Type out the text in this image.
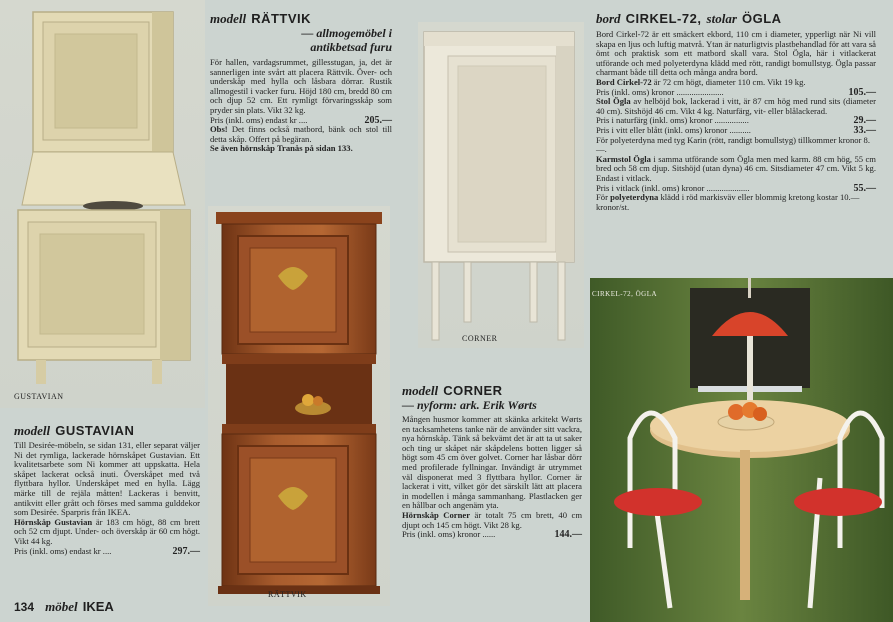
GUSTAVIAN
modell RÄTTVIK
— allmogemöbel i
antikbetsad furu
För hallen, vardagsrummet, gillesstugan, ja, det är sannerligen inte svårt att placera Rättvik. Över- och underskåp med hylla och låsbara dörrar. Rustik allmogestil i vacker furu. Höjd 180 cm, bredd 80 cm och djup 52 cm. Ett rymligt förvaringsskåp som pryder sin plats. Vikt 32 kg.
Pris (inkl. oms) endast kr ....	205.—
Obs! Det finns också matbord, bänk och stol till detta skåp. Offert på begäran.
Se även hörnskåp Tranås på sidan 133.
CORNER
bord CIRKEL-72, stolar ÖGLA
Bord Cirkel-72 är ett smäckert ekbord, 110 cm i diameter, ypperligt när Ni vill skapa en ljus och luftig matvrå. Ytan är naturligtvis plastbehandlad för att vara så ömt och praktisk som ett matbord skall vara. Stol Ögla, här i vitlackerat utförande och med polyeterdyna klädd med rött, randigt bomullstyg. Ögla passar charmant både till detta och många andra bord.
Bord Cirkel-72 är 72 cm högt, diameter 110 cm. Vikt 19 kg.
Pris (inkl. oms) kronor ......................	105.—
Stol Ögla av helböjd bok, lackerad i vitt, är 87 cm hög med rund sits (diameter 40 cm). Sitshöjd 46 cm. Vikt 4 kg. Naturfärg, vit- eller blålackerad.
Pris i naturfärg (inkl. oms) kronor ................	29.—
Pris i vitt eller blått (inkl. oms) kronor ..........	33.—
För polyeterdyna med tyg Karin (rött, randigt bomullstyg) tillkommer kronor 8.—.
Karmstol Ögla i samma utförande som Ögla men med karm. 88 cm hög, 55 cm bred och 58 cm djup. Sitshöjd (utan dyna) 46 cm. Sitsdiameter 47 cm. Vikt 5 kg. Endast i vitlack.
Pris i vitlack (inkl. oms) kronor ....................	55.—
För polyeterdyna klädd i röd markisväv eller blommig kretong kostar 10.— kronor/st.
modell GUSTAVIAN
Till Desirée-möbeln, se sidan 131, eller separat väljer Ni det rymliga, lackerade hörnskåpet Gustavian. Ett kvalitetsarbete som Ni kommer att uppskatta. Hela skåpet lackerat också inuti. Överskåpet med två flyttbara hyllor. Underskåpet med en hylla. Lägg märke till de rejäla måtten! Lackeras i benvitt, antikvitt eller grått och förses med samma gulddekor som Desirée. Sparpris från IKEA.
Hörnskåp Gustavian är 183 cm högt, 88 cm brett och 52 cm djupt. Under- och överskåp är 60 cm högt. Vikt 44 kg.
Pris (inkl. oms) endast kr ....	297.—
RÄTTVIK
modell CORNER
— nyform: ark. Erik Wørts
Mången husmor kommer att skänka arkitekt Wørts en tacksamhetens tanke när de använder sitt vackra, nya hörnskåp. Tänk så bekvämt det är att ta ut saker och ting ur skåpet när skåpdelens botten ligger så högt som 45 cm över golvet. Corner har låsbar dörr med profilerade fyllningar. Invändigt är utrymmet väl disponerat med 3 flyttbara hyllor. Corner är lackerat i vitt, vilket gör det särskilt lätt att placera in modellen i många sammanhang. Plastlacken ger en hållbar och angenäm yta.
Hörnskåp Corner är totalt 75 cm brett, 40 cm djupt och 145 cm högt. Vikt 28 kg.
Pris (inkl. oms) kronor ......	144.—
CIRKEL-72, ÖGLA
134 möbel IKEA
